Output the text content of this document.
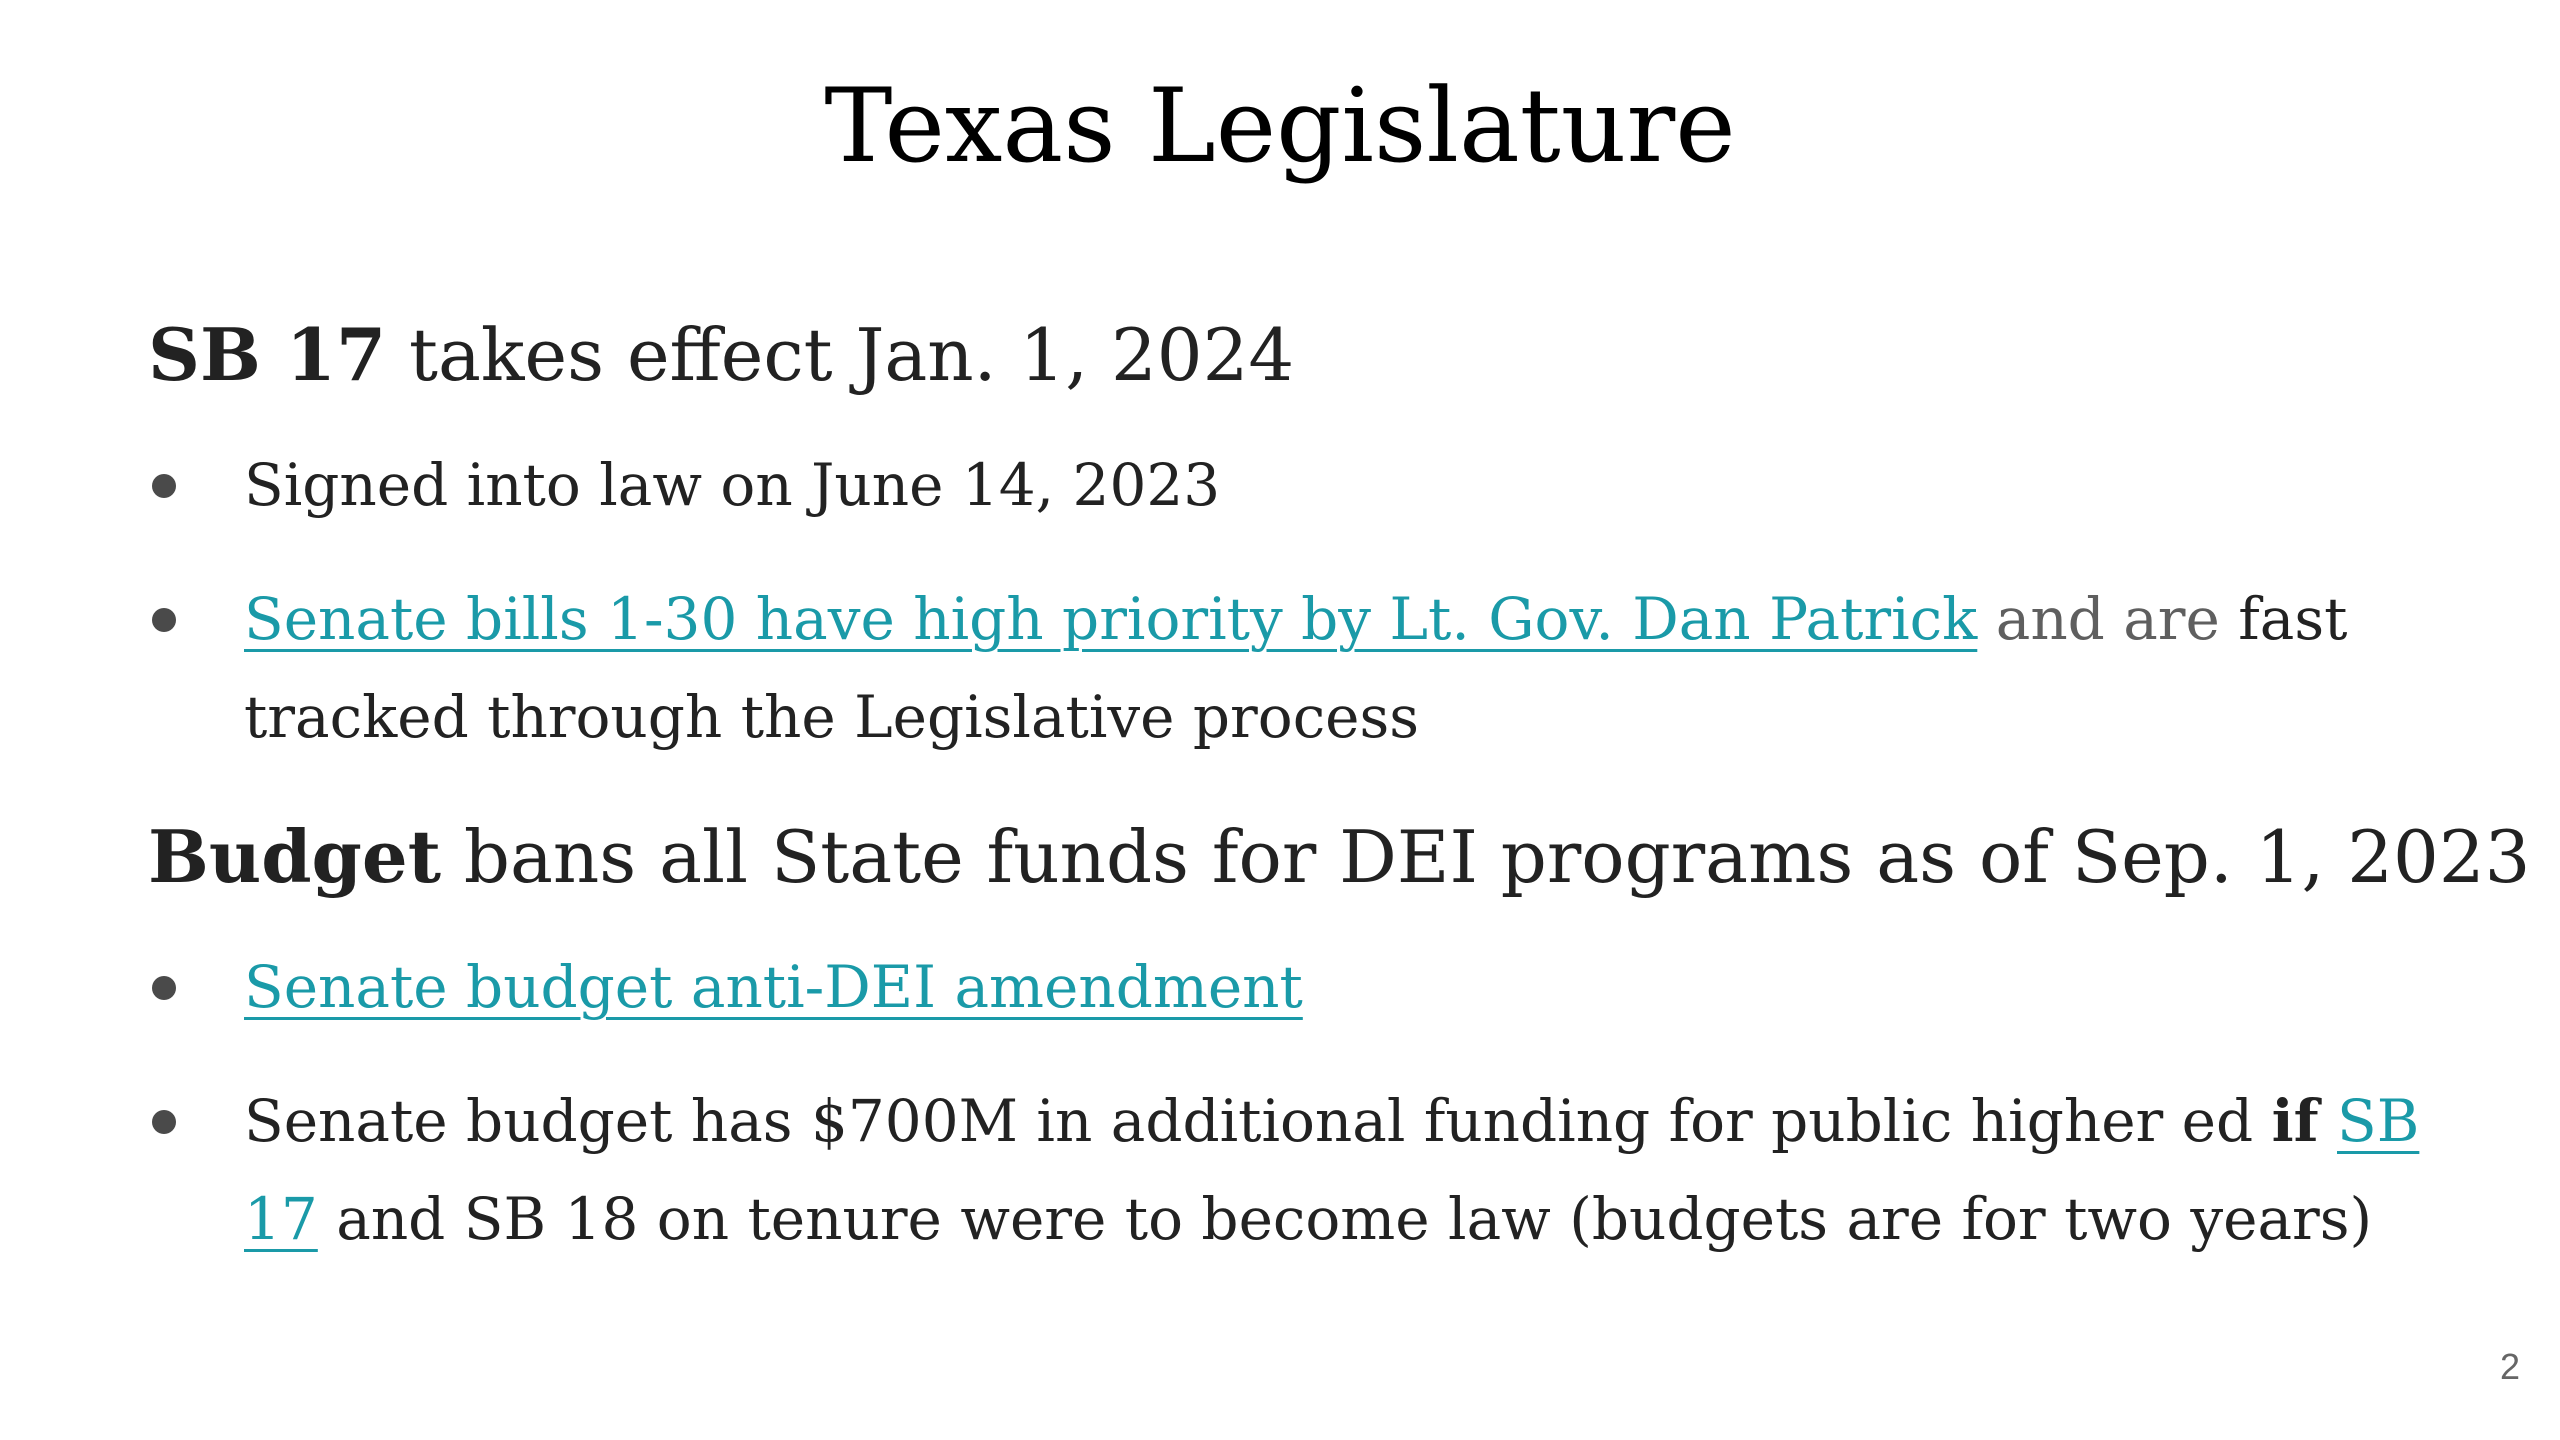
Texas Legislature
SB 17 takes effect Jan. 1, 2024
Signed into law on June 14, 2023
Senate bills 1-30 have high priority by Lt. Gov. Dan Patrick and are fast tracked through the Legislative process
Budget bans all State funds for DEI programs as of Sep. 1, 2023
Senate budget anti-DEI amendment
Senate budget has $700M in additional funding for public higher ed if SB 17 and SB 18 on tenure were to become law (budgets are for two years)
2
